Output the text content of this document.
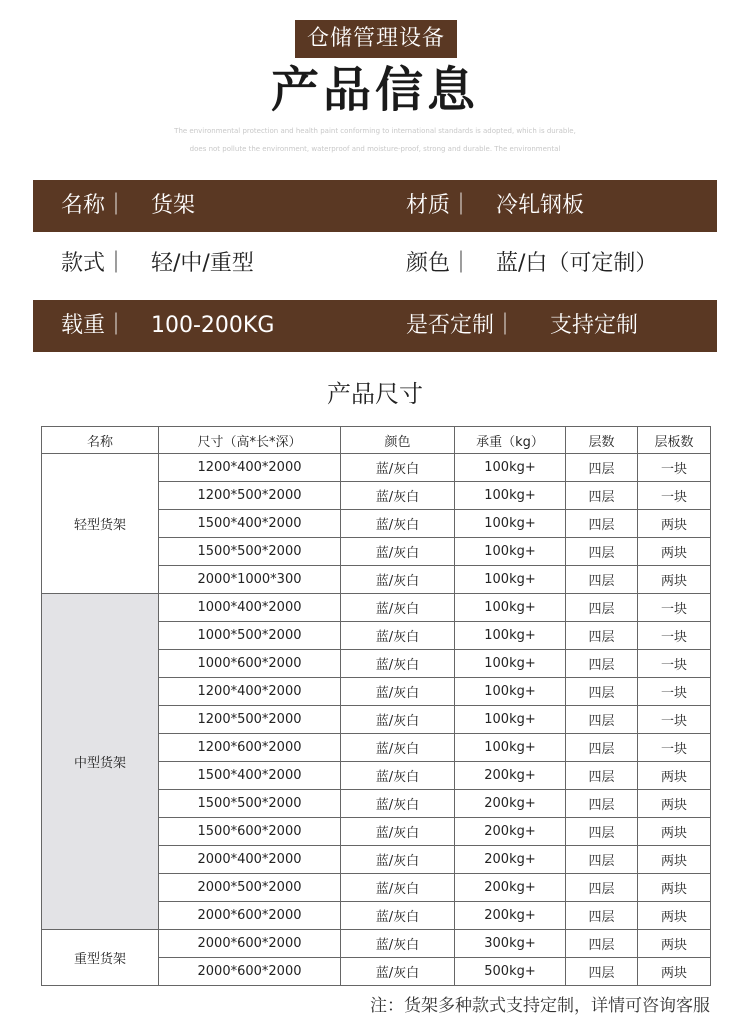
仓储管理设备
产品信息
The environmental protection and health paint conforming to international standards is adopted, which is durable,
does not pollute the environment, waterproof and moisture-proof, strong and durable. The environmental
名称｜ 货架	材质｜ 冷轧钢板
款式｜ 轻/中/重型	颜色｜ 蓝/白（可定制）
载重｜ 100-200KG	是否定制｜ 支持定制
产品尺寸
名称	尺寸（高*长*深）	颜色	承重（kg）	层数	层板数
轻型货架	1200*400*2000	蓝/灰白	100kg+	四层	一块
	1200*500*2000	蓝/灰白	100kg+	四层	一块
	1500*400*2000	蓝/灰白	100kg+	四层	两块
	1500*500*2000	蓝/灰白	100kg+	四层	两块
	2000*1000*300	蓝/灰白	100kg+	四层	两块
中型货架	1000*400*2000	蓝/灰白	100kg+	四层	一块
	1000*500*2000	蓝/灰白	100kg+	四层	一块
	1000*600*2000	蓝/灰白	100kg+	四层	一块
	1200*400*2000	蓝/灰白	100kg+	四层	一块
	1200*500*2000	蓝/灰白	100kg+	四层	一块
	1200*600*2000	蓝/灰白	100kg+	四层	一块
	1500*400*2000	蓝/灰白	200kg+	四层	两块
	1500*500*2000	蓝/灰白	200kg+	四层	两块
	1500*600*2000	蓝/灰白	200kg+	四层	两块
	2000*400*2000	蓝/灰白	200kg+	四层	两块
	2000*500*2000	蓝/灰白	200kg+	四层	两块
	2000*600*2000	蓝/灰白	200kg+	四层	两块
重型货架	2000*600*2000	蓝/灰白	300kg+	四层	两块
	2000*600*2000	蓝/灰白	500kg+	四层	两块
注：货架多种款式支持定制，详情可咨询客服
